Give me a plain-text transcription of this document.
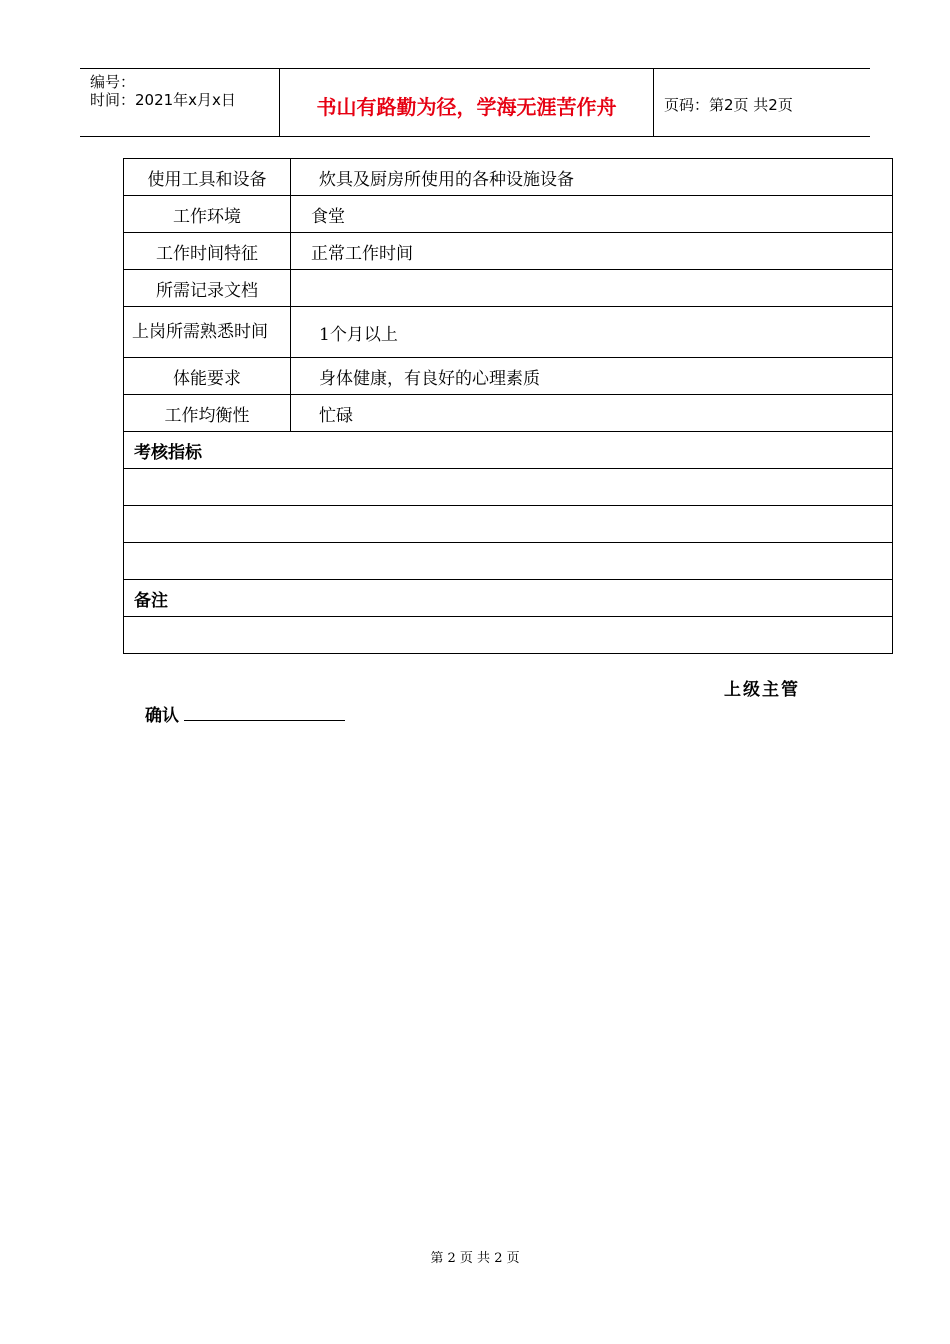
编号：
时间：2021年x月x日	书山有路勤为径，学海无涯苦作舟	页码：第2页 共2页
使用工具和设备	炊具及厨房所使用的各种设施设备
工作环境	食堂
工作时间特征	正常工作时间
所需记录文档	
上岗所需熟悉时间	1个月以上
体能要求	身体健康，有良好的心理素质
工作均衡性	忙碌
考核指标	

备注	

上级主管
确认
第 2 页 共 2 页
